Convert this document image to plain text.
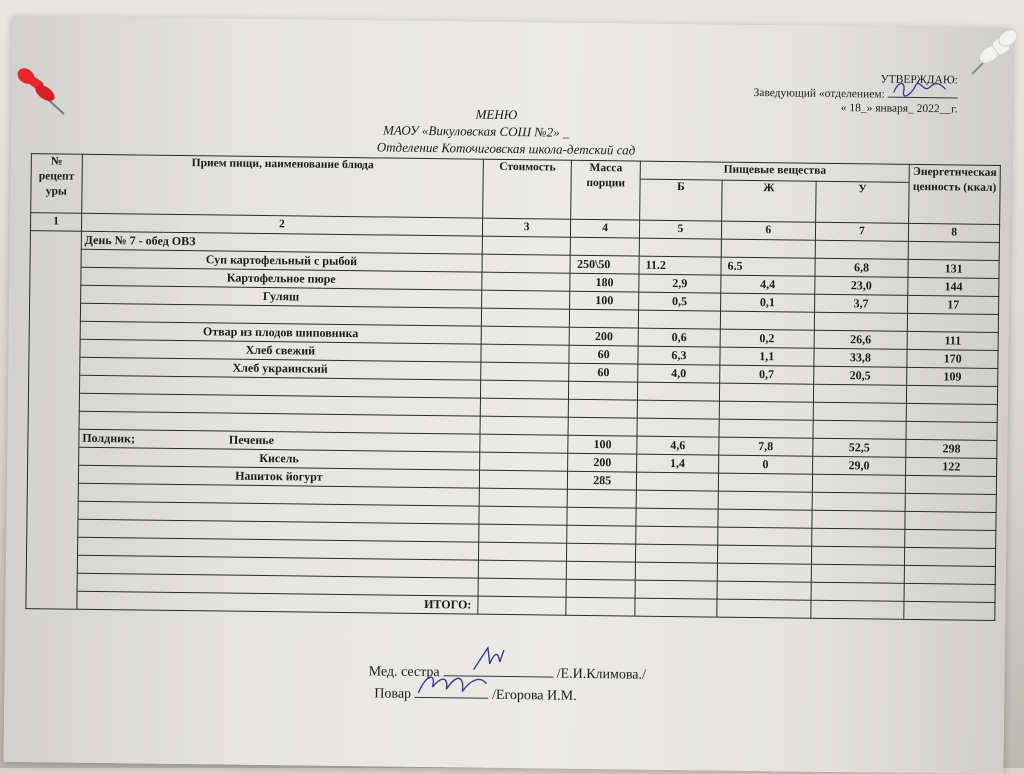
УТВЕРЖДАЮ:
Заведующий «отделением:
« 18_» января_ 2022__г.
МЕНЮ
МАОУ «Викуловская СОШ №2» _
Отделение Коточиговская школа-детский сад
№ рецепт уры	Прием пищи, наименование блюда	Стоимость	Масса порции	Пищевые вещества			Энергетическая ценность (ккал)
				Б	Ж	У	
1	2	3	4	5	6	7	8
	День № 7 - обед ОВЗ						
	Суп картофельный с рыбой		250\50	11.2	6.5	6,8	131
	Картофельное пюре		180	2,9	4,4	23,0	144
	Гуляш		100	0,5	0,1	3,7	17

	Отвар из плодов шиповника		200	0,6	0,2	26,6	111
	Хлеб свежий		60	6,3	1,1	33,8	170
	Хлеб украинский		60	4,0	0,7	20,5	109

	Полдник; Печенье		100	4,6	7,8	52,5	298
	Кисель		200	1,4	0	29,0	122
	Напиток йогурт		285				

	ИТОГО:						
Мед. сестра	/Е.И.Климова./
Повар	/Егорова И.М.
